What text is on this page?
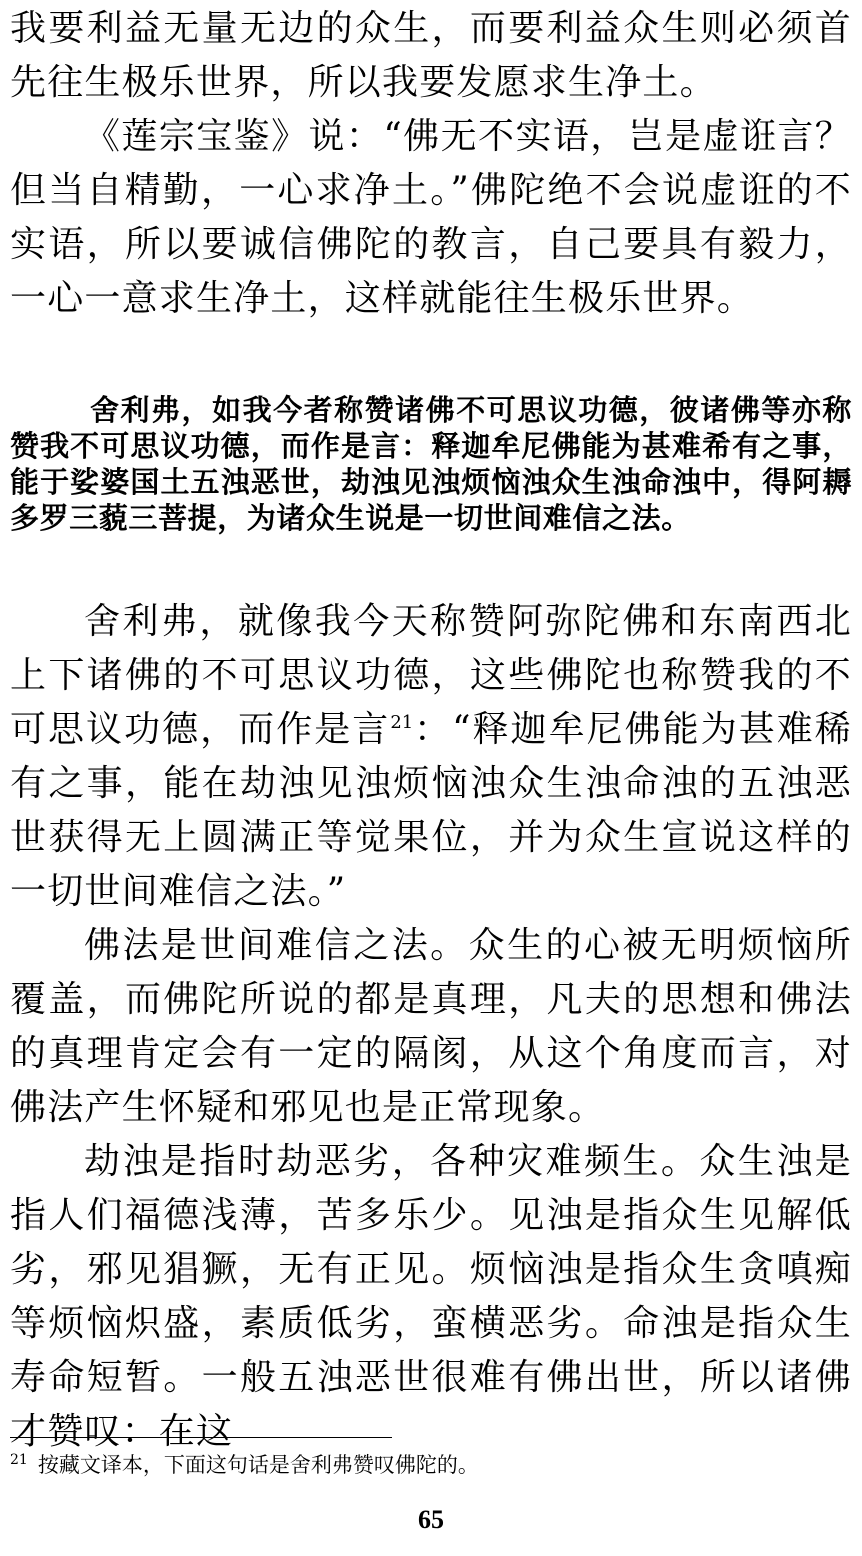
我要利益无量无边的众生，而要利益众生则必须首先往生极乐世界，所以我要发愿求生净土。

《莲宗宝鉴》说：“佛无不实语，岂是虚诳言？但当自精勤，一心求净土。”佛陀绝不会说虚诳的不实语，所以要诚信佛陀的教言，自己要具有毅力，一心一意求生净土，这样就能往生极乐世界。

舍利弗，如我今者称赞诸佛不可思议功德，彼诸佛等亦称赞我不可思议功德，而作是言：释迦牟尼佛能为甚难希有之事，能于娑婆国土五浊恶世，劫浊见浊烦恼浊众生浊命浊中，得阿耨多罗三藐三菩提，为诸众生说是一切世间难信之法。

舍利弗，就像我今天称赞阿弥陀佛和东南西北上下诸佛的不可思议功德，这些佛陀也称赞我的不可思议功德，而作是言$^{21}$：“释迦牟尼佛能为甚难稀有之事，能在劫浊见浊烦恼浊众生浊命浊的五浊恶世获得无上圆满正等觉果位，并为众生宣说这样的一切世间难信之法。”

佛法是世间难信之法。众生的心被无明烦恼所覆盖，而佛陀所说的都是真理，凡夫的思想和佛法的真理肯定会有一定的隔阂，从这个角度而言，对佛法产生怀疑和邪见也是正常现象。

劫浊是指时劫恶劣，各种灾难频生。众生浊是指人们福德浅薄，苦多乐少。见浊是指众生见解低劣，邪见猖獗，无有正见。烦恼浊是指众生贪嗔痴等烦恼炽盛，素质低劣，蛮横恶劣。命浊是指众生寿命短暂。一般五浊恶世很难有佛出世，所以诸佛才赞叹：在这

$^{21}$ 按藏文译本，下面这句话是舍利弗赞叹佛陀的。
65
